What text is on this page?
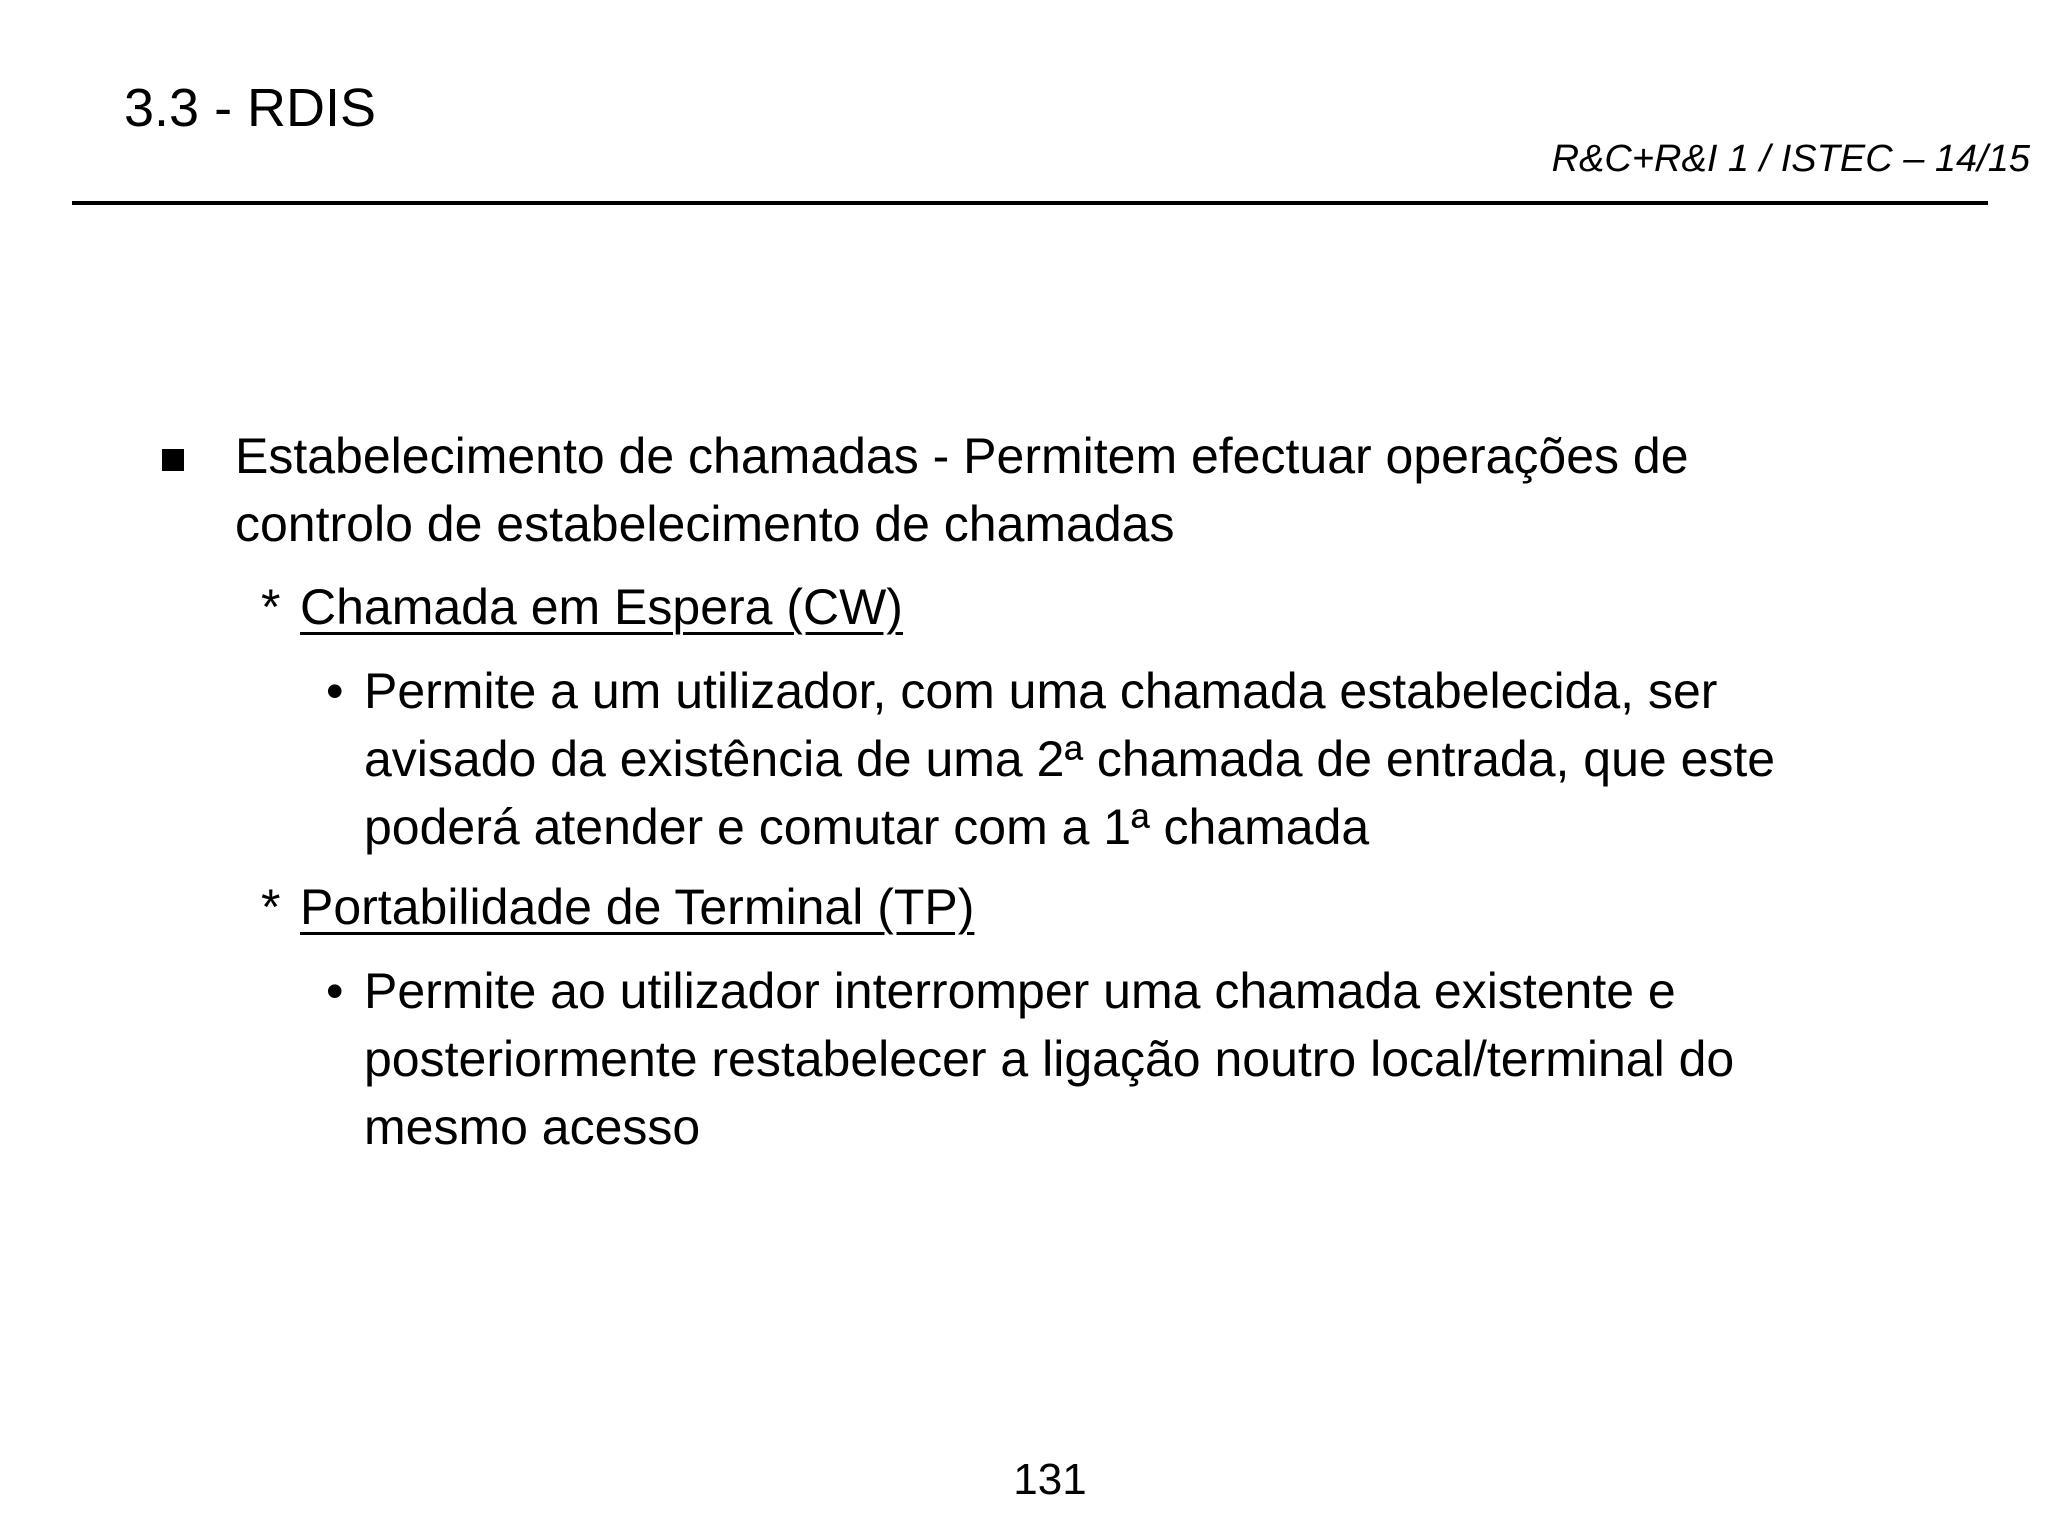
3.3 - RDIS
R&C+R&I 1 / ISTEC – 14/15
Estabelecimento de chamadas - Permitem efectuar operações de
controlo de estabelecimento de chamadas
* Chamada em Espera (CW)
• Permite a um utilizador, com uma chamada estabelecida, ser
avisado da existência de uma 2ª chamada de entrada, que este
poderá atender e comutar com a 1ª chamada
* Portabilidade de Terminal (TP)
• Permite ao utilizador interromper uma chamada existente e
posteriormente restabelecer a ligação noutro local/terminal do
mesmo acesso
131
